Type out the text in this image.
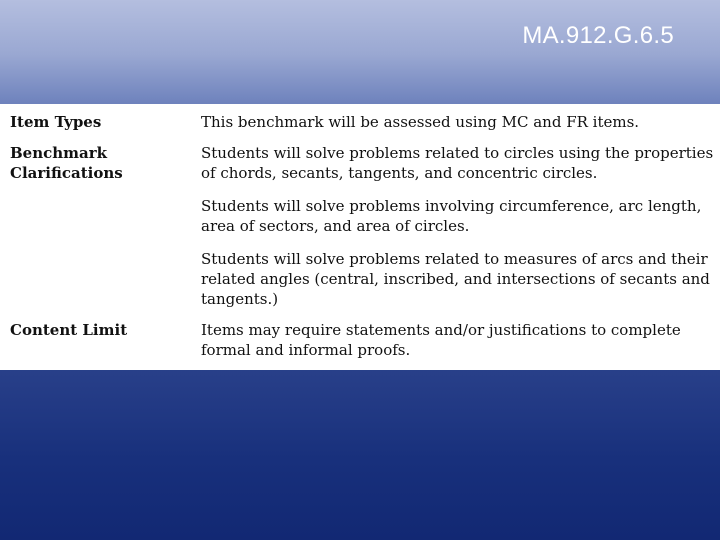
MA.912.G.6.5
Item Types	This benchmark will be assessed using MC and FR items.

Benchmark Clarifications	Students will solve problems related to circles using the properties of chords, secants, tangents, and concentric circles.

Students will solve problems involving circumference, arc length, area of sectors, and area of circles.

Students will solve problems related to measures of arcs and their related angles (central, inscribed, and intersections of secants and tangents.)

Content Limit	Items may require statements and/or justifications to complete formal and informal proofs.
